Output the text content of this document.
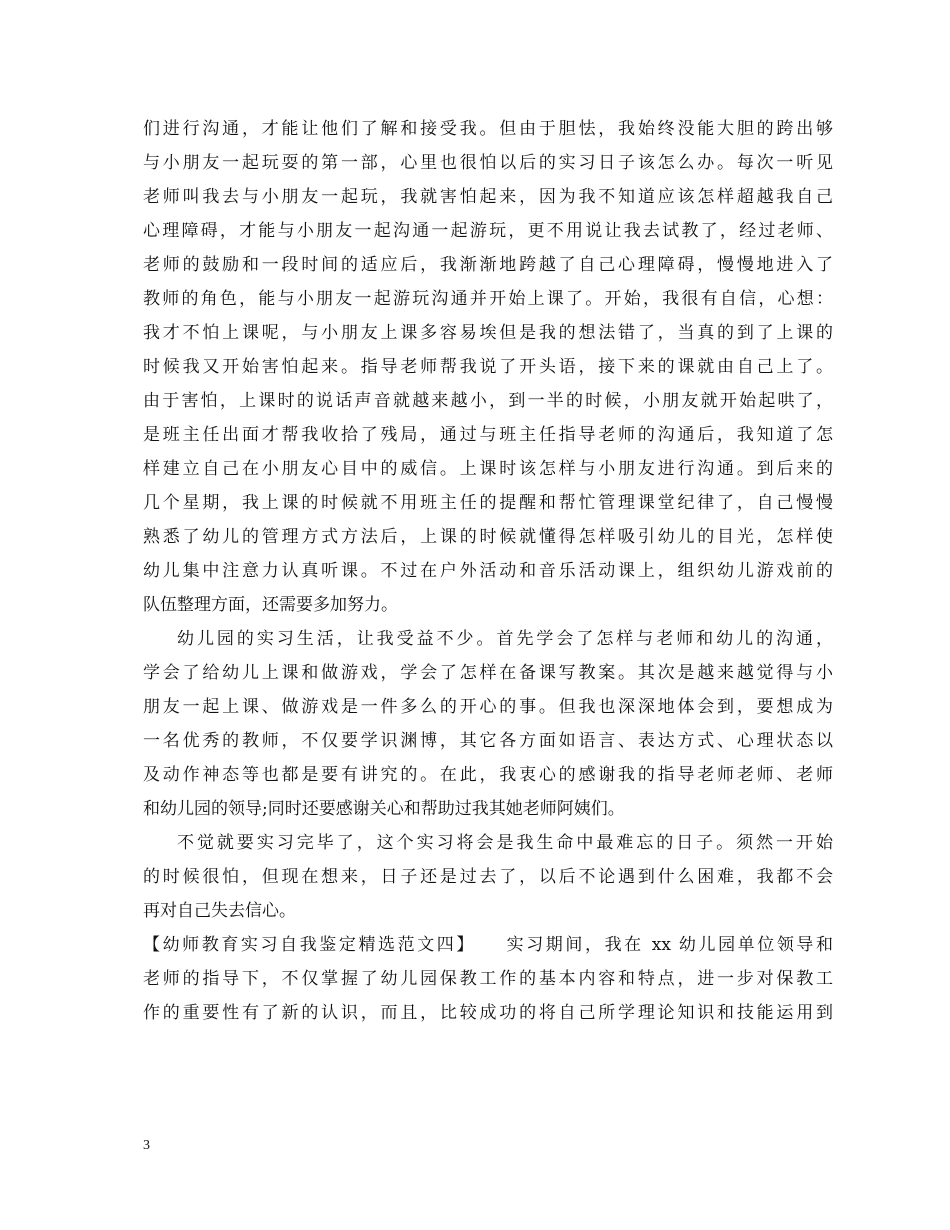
们进行沟通，才能让他们了解和接受我。但由于胆怯，我始终没能大胆的跨出够
与小朋友一起玩耍的第一部，心里也很怕以后的实习日子该怎么办。每次一听见
老师叫我去与小朋友一起玩，我就害怕起来，因为我不知道应该怎样超越我自己
心理障碍，才能与小朋友一起沟通一起游玩，更不用说让我去试教了，经过老师、
老师的鼓励和一段时间的适应后，我渐渐地跨越了自己心理障碍，慢慢地进入了
教师的角色，能与小朋友一起游玩沟通并开始上课了。开始，我很有自信，心想：
我才不怕上课呢，与小朋友上课多容易埃但是我的想法错了，当真的到了上课的
时候我又开始害怕起来。指导老师帮我说了开头语，接下来的课就由自己上了。
由于害怕，上课时的说话声音就越来越小，到一半的时候，小朋友就开始起哄了，
是班主任出面才帮我收拾了残局，通过与班主任指导老师的沟通后，我知道了怎
样建立自己在小朋友心目中的威信。上课时该怎样与小朋友进行沟通。到后来的
几个星期，我上课的时候就不用班主任的提醒和帮忙管理课堂纪律了，自己慢慢
熟悉了幼儿的管理方式方法后，上课的时候就懂得怎样吸引幼儿的目光，怎样使
幼儿集中注意力认真听课。不过在户外活动和音乐活动课上，组织幼儿游戏前的
队伍整理方面，还需要多加努力。
幼儿园的实习生活，让我受益不少。首先学会了怎样与老师和幼儿的沟通，
学会了给幼儿上课和做游戏，学会了怎样在备课写教案。其次是越来越觉得与小
朋友一起上课、做游戏是一件多么的开心的事。但我也深深地体会到，要想成为
一名优秀的教师，不仅要学识渊博，其它各方面如语言、表达方式、心理状态以
及动作神态等也都是要有讲究的。在此，我衷心的感谢我的指导老师老师、老师
和幼儿园的领导;同时还要感谢关心和帮助过我其她老师阿姨们。
不觉就要实习完毕了，这个实习将会是我生命中最难忘的日子。须然一开始
的时候很怕，但现在想来，日子还是过去了，以后不论遇到什么困难，我都不会
再对自己失去信心。
【幼师教育实习自我鉴定精选范文四】　　实习期间，我在 xx 幼儿园单位领导和
老师的指导下，不仅掌握了幼儿园保教工作的基本内容和特点，进一步对保教工
作的重要性有了新的认识，而且，比较成功的将自己所学理论知识和技能运用到
3
